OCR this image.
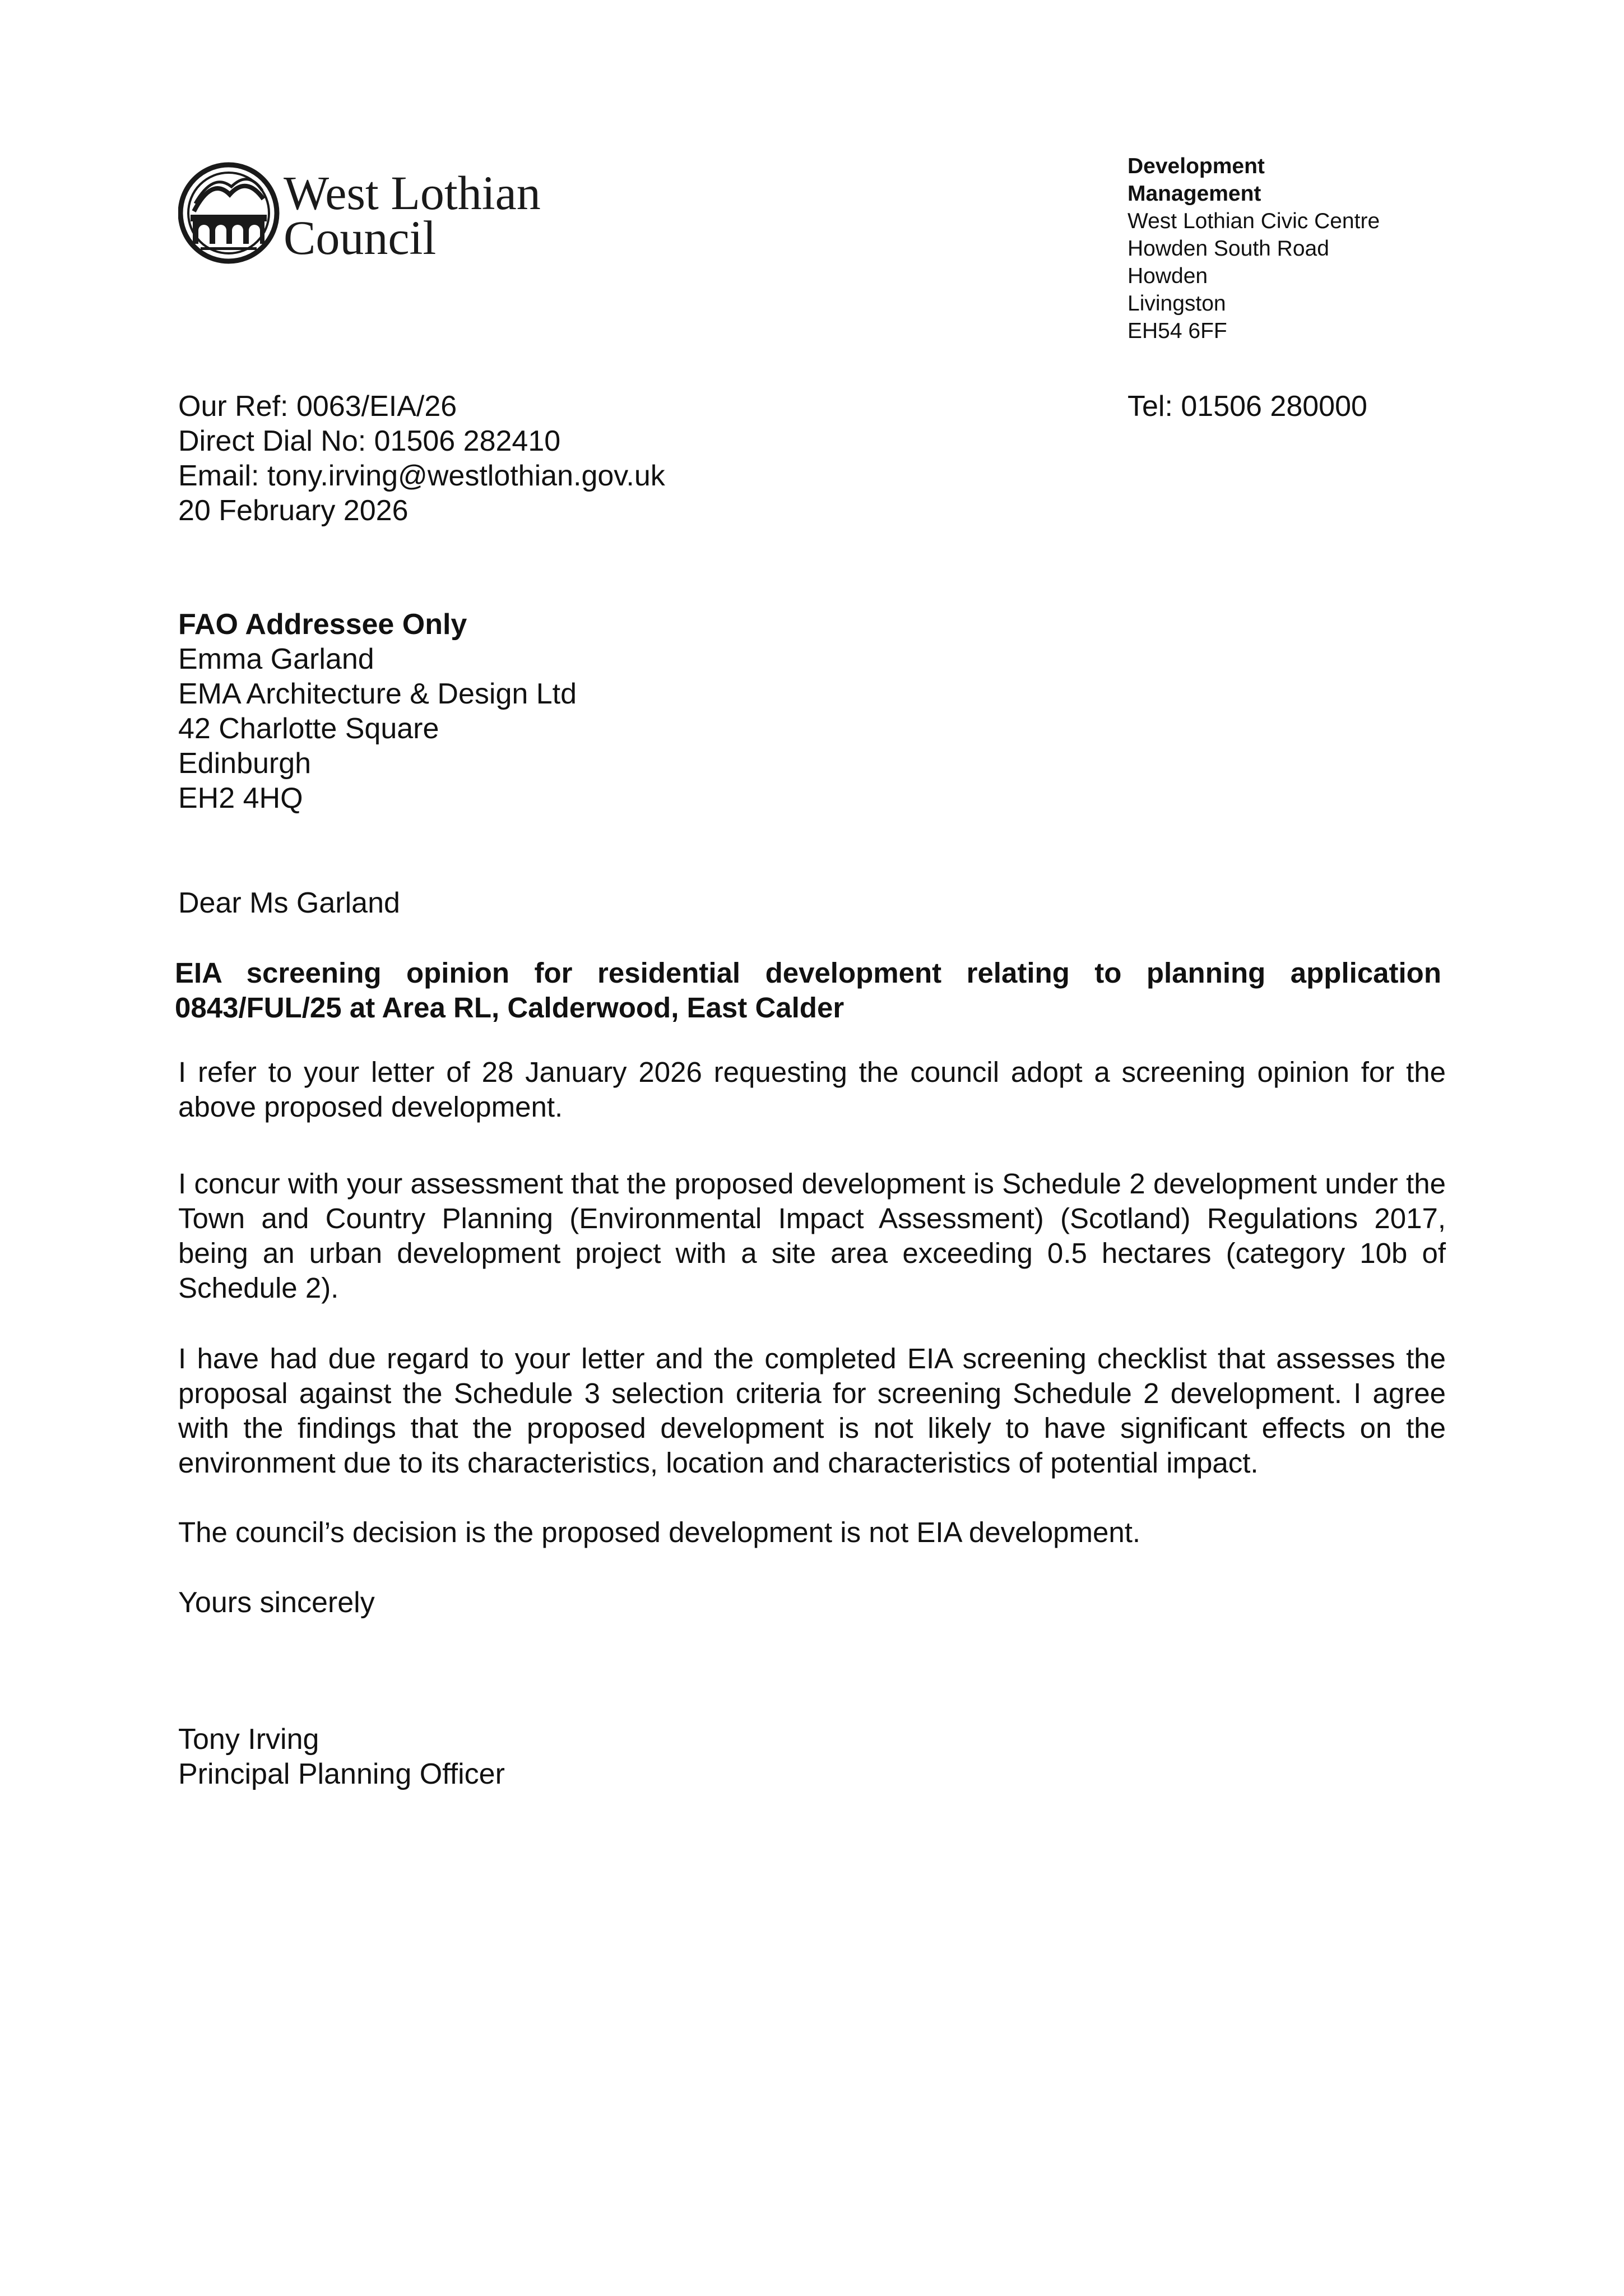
West Lothian
Council
Development
Management
West Lothian Civic Centre
Howden South Road
Howden
Livingston
EH54 6FF
Our Ref: 0063/EIA/26
Direct Dial No: 01506 282410
Email: tony.irving@westlothian.gov.uk
20 February 2026
Tel: 01506 280000
FAO Addressee Only
Emma Garland
EMA Architecture & Design Ltd
42 Charlotte Square
Edinburgh
EH2 4HQ
Dear Ms Garland
EIA screening opinion for residential development relating to planning application 0843/FUL/25 at Area RL, Calderwood, East Calder
I refer to your letter of 28 January 2026 requesting the council adopt a screening opinion for the above proposed development.
I concur with your assessment that the proposed development is Schedule 2 development under the Town and Country Planning (Environmental Impact Assessment) (Scotland) Regulations 2017, being an urban development project with a site area exceeding 0.5 hectares (category 10b of Schedule 2).
I have had due regard to your letter and the completed EIA screening checklist that assesses the proposal against the Schedule 3 selection criteria for screening Schedule 2 development. I agree with the findings that the proposed development is not likely to have significant effects on the environment due to its characteristics, location and characteristics of potential impact.
The council’s decision is the proposed development is not EIA development.
Yours sincerely
Tony Irving
Principal Planning Officer
